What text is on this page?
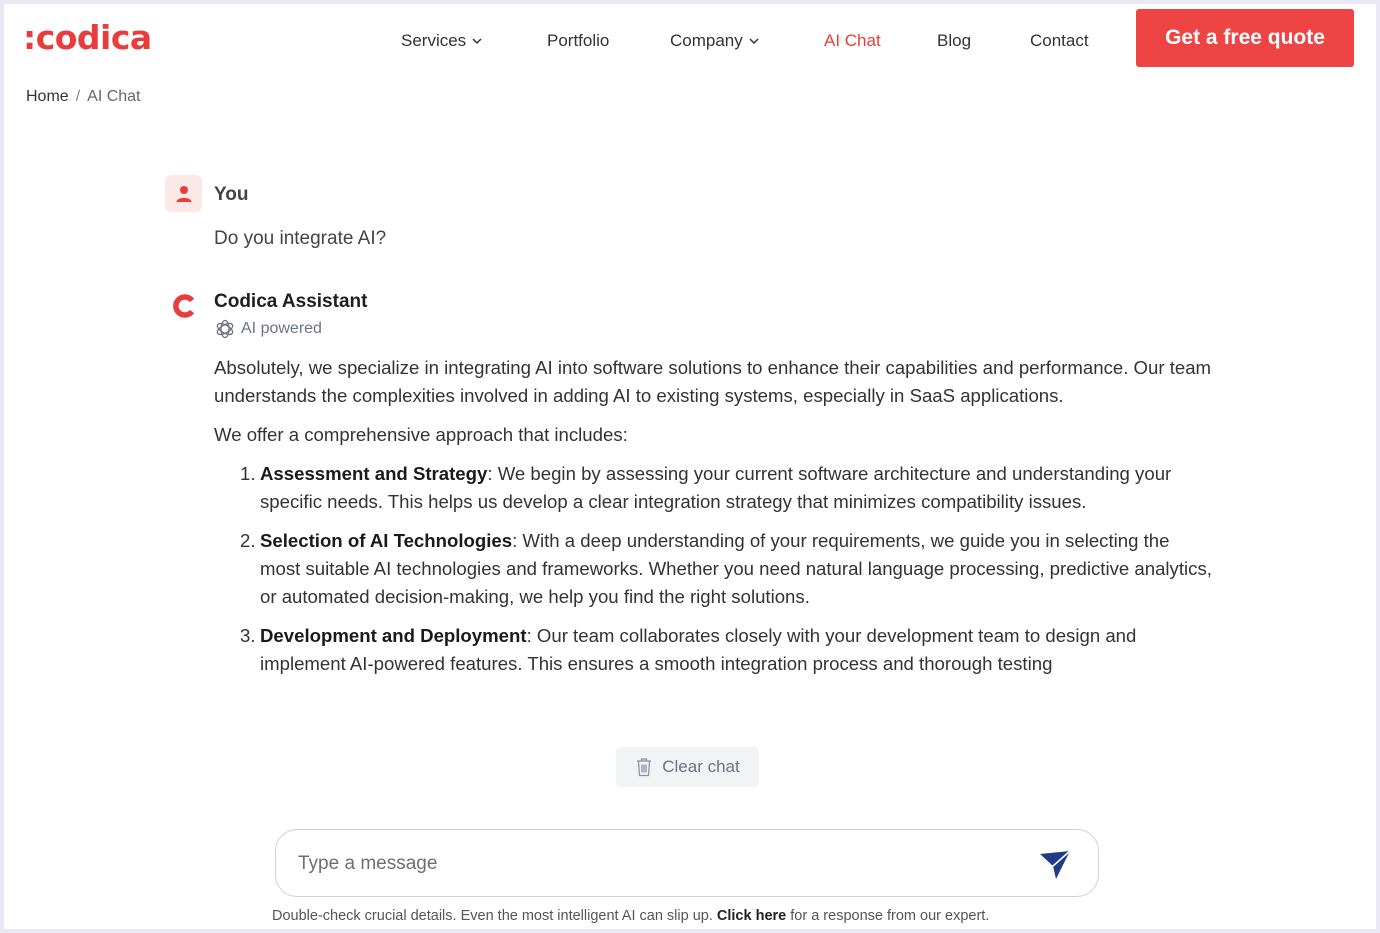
:codica	Services	Portfolio	Company	AI Chat	Blog	Contact	Get a free quote
Home / AI Chat
You
Do you integrate AI?
Codica Assistant
AI powered

Absolutely, we specialize in integrating AI into software solutions to enhance their capabilities and performance. Our team understands the complexities involved in adding AI to existing systems, especially in SaaS applications.

We offer a comprehensive approach that includes:

1. Assessment and Strategy: We begin by assessing your current software architecture and understanding your specific needs. This helps us develop a clear integration strategy that minimizes compatibility issues.
2. Selection of AI Technologies: With a deep understanding of your requirements, we guide you in selecting the most suitable AI technologies and frameworks. Whether you need natural language processing, predictive analytics, or automated decision-making, we help you find the right solutions.
3. Development and Deployment: Our team collaborates closely with your development team to design and implement AI-powered features. This ensures a smooth integration process and thorough testing
Clear chat
Type a message
Double-check crucial details. Even the most intelligent AI can slip up. Click here for a response from our expert.
